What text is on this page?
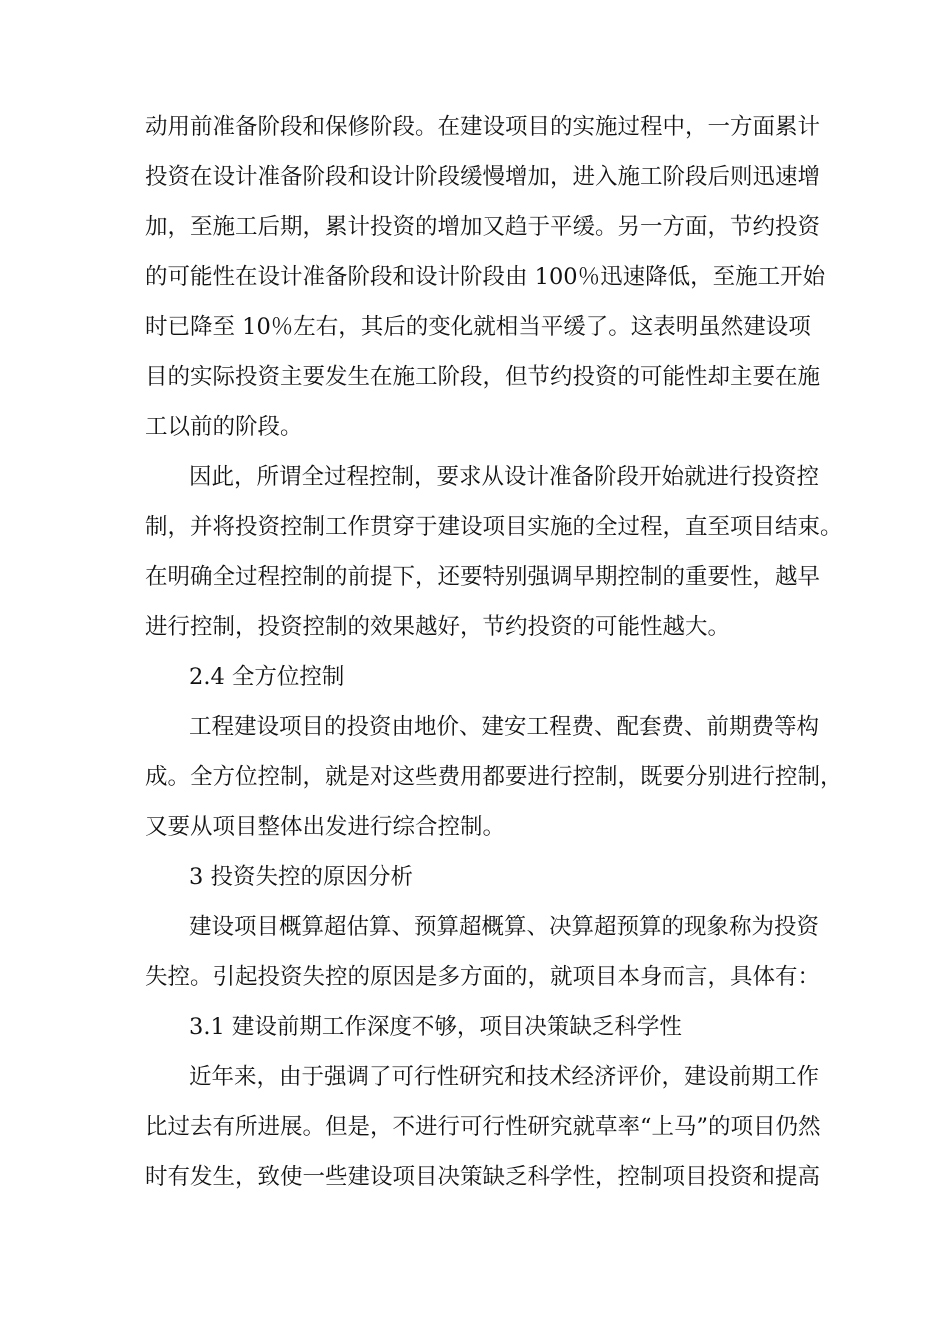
动用前准备阶段和保修阶段。在建设项目的实施过程中，一方面累计
投资在设计准备阶段和设计阶段缓慢增加，进入施工阶段后则迅速增
加，至施工后期，累计投资的增加又趋于平缓。另一方面，节约投资
的可能性在设计准备阶段和设计阶段由 100％迅速降低，至施工开始
时已降至 10％左右，其后的变化就相当平缓了。这表明虽然建设项
目的实际投资主要发生在施工阶段，但节约投资的可能性却主要在施
工以前的阶段。
因此，所谓全过程控制，要求从设计准备阶段开始就进行投资控
制，并将投资控制工作贯穿于建设项目实施的全过程，直至项目结束。
在明确全过程控制的前提下，还要特别强调早期控制的重要性，越早
进行控制，投资控制的效果越好，节约投资的可能性越大。
2.4 全方位控制
工程建设项目的投资由地价、建安工程费、配套费、前期费等构
成。全方位控制，就是对这些费用都要进行控制，既要分别进行控制，
又要从项目整体出发进行综合控制。
3 投资失控的原因分析
建设项目概算超估算、预算超概算、决算超预算的现象称为投资
失控。引起投资失控的原因是多方面的，就项目本身而言，具体有：
3.1 建设前期工作深度不够，项目决策缺乏科学性
近年来，由于强调了可行性研究和技术经济评价，建设前期工作
比过去有所进展。但是，不进行可行性研究就草率“上马”的项目仍然
时有发生，致使一些建设项目决策缺乏科学性，控制项目投资和提高
